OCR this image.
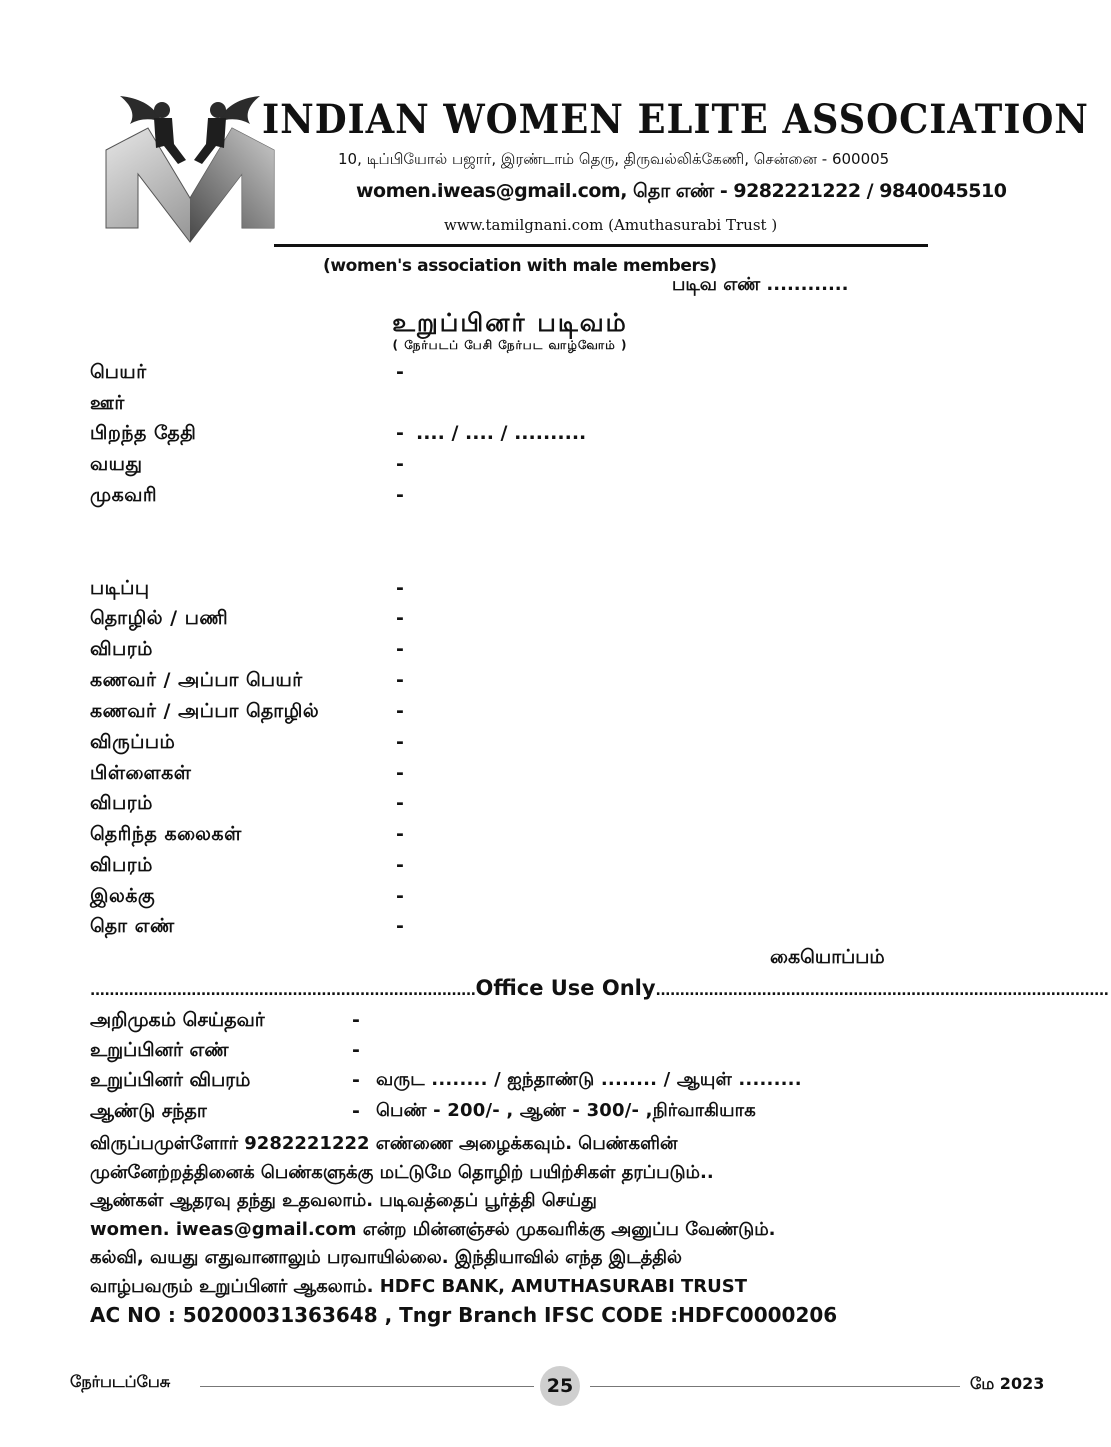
INDIAN WOMEN ELITE ASSOCIATION
10, டிப்பியோல் பஜார், இரண்டாம் தெரு, திருவல்லிக்கேணி, சென்னை - 600005
women.iweas@gmail.com, தொ எண் - 9282221222 / 9840045510
www.tamilgnani.com (Amuthasurabi Trust )
(women's association with male members)
படிவ எண் ............
உறுப்பினர் படிவம்
( நேர்படப் பேசி நேர்பட வாழ்வோம் )
பெயர்	-
ஊர்
பிறந்த தேதி	- .... / .... / ..........
வயது	-
முகவரி	-
படிப்பு	-
தொழில் / பணி	-
விபரம்	-
கணவர் / அப்பா பெயர்	-
கணவர் / அப்பா தொழில்	-
விருப்பம்	-
பிள்ளைகள்	-
விபரம்	-
தெரிந்த கலைகள்	-
விபரம்	-
இலக்கு	-
தொ எண்	-
கையொப்பம்
................................................................................Office Use Only..............................................................................................
அறிமுகம் செய்தவர்	-
உறுப்பினர் எண்	-
உறுப்பினர் விபரம்	- வருட ........ / ஐந்தாண்டு ........ / ஆயுள் .........
ஆண்டு சந்தா	- பெண் - 200/- , ஆண் - 300/- ,நிர்வாகியாக
விருப்பமுள்ளோர் 9282221222 எண்ணை அழைக்கவும். பெண்களின்
முன்னேற்றத்தினைக் பெண்களுக்கு மட்டுமே தொழிற் பயிற்சிகள் தரப்படும்..
ஆண்கள் ஆதரவு தந்து உதவலாம். படிவத்தைப் பூர்த்தி செய்து
women. iweas@gmail.com என்ற மின்னஞ்சல் முகவரிக்கு அனுப்ப வேண்டும்.
கல்வி, வயது எதுவானாலும் பரவாயில்லை. இந்தியாவில் எந்த இடத்தில்
வாழ்பவரும் உறுப்பினர் ஆகலாம். HDFC BANK, AMUTHASURABI TRUST
AC NO : 50200031363648 , Tngr Branch IFSC CODE :HDFC0000206
நேர்படப்பேசு	25	மே 2023
